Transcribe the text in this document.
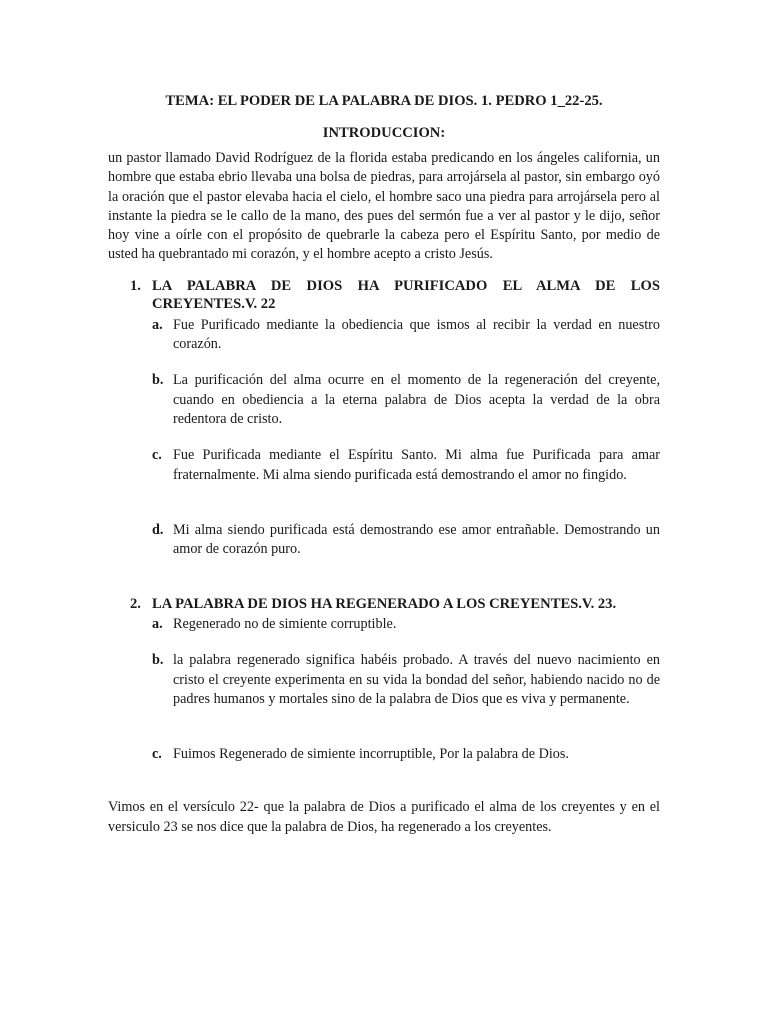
TEMA: EL PODER DE LA PALABRA DE DIOS. 1. PEDRO 1_22-25.

INTRODUCCION:

un pastor llamado David Rodríguez de la florida estaba predicando en los ángeles california, un hombre que estaba ebrio llevaba una bolsa de piedras, para arrojársela al pastor, sin embargo oyó la oración que el pastor elevaba hacia el cielo, el hombre saco una piedra para arrojársela pero al instante la piedra se le callo de la mano, des pues del sermón fue a ver al pastor y le dijo, señor hoy vine a oírle con el propósito de quebrarle la cabeza pero el Espíritu Santo, por medio de usted ha quebrantado mi corazón, y el hombre acepto a cristo Jesús.

1. LA PALABRA DE DIOS HA PURIFICADO EL ALMA DE LOS CREYENTES.V. 22
a. Fue Purificado mediante la obediencia que ismos al recibir la verdad en nuestro corazón.
b. La purificación del alma ocurre en el momento de la regeneración del creyente, cuando en obediencia a la eterna palabra de Dios acepta la verdad de la obra redentora de cristo.
c. Fue Purificada mediante el Espíritu Santo. Mi alma fue Purificada para amar fraternalmente. Mi alma siendo purificada está demostrando el amor no fingido.
d. Mi alma siendo purificada está demostrando ese amor entrañable. Demostrando un amor de corazón puro.
2. LA PALABRA DE DIOS HA REGENERADO A LOS CREYENTES.V. 23.
a. Regenerado no de simiente corruptible.
b. la palabra regenerado significa habéis probado. A través del nuevo nacimiento en cristo el creyente experimenta en su vida la bondad del señor, habiendo nacido no de padres humanos y mortales sino de la palabra de Dios que es viva y permanente.
c. Fuimos Regenerado de simiente incorruptible, Por la palabra de Dios.

Vimos en el versículo 22- que la palabra de Dios a purificado el alma de los creyentes y en el versiculo 23 se nos dice que la palabra de Dios, ha regenerado a los creyentes.
